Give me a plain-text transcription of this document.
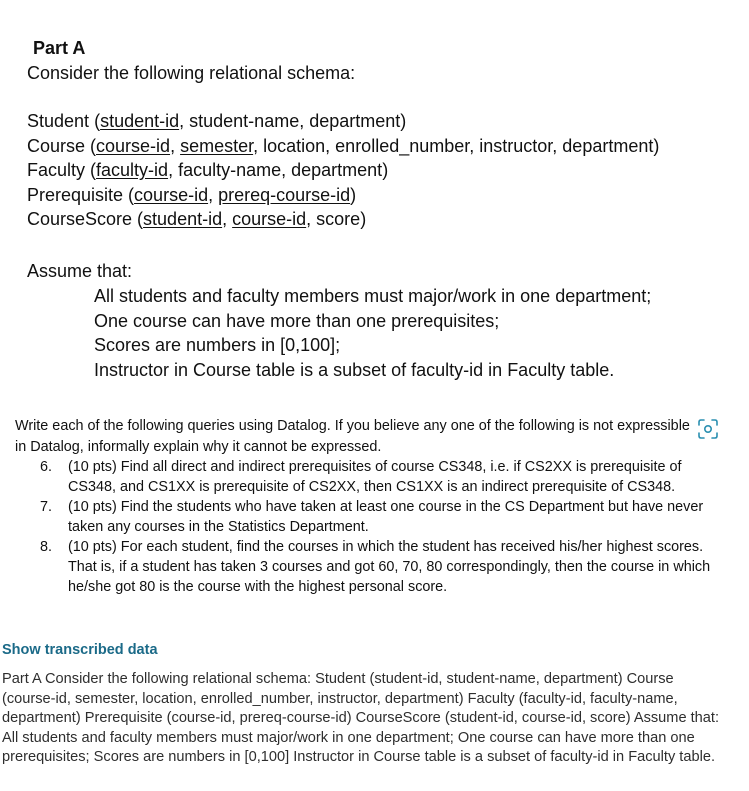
Part A

Consider the following relational schema:

Student (student-id, student-name, department)
Course (course-id, semester, location, enrolled_number, instructor, department)
Faculty (faculty-id, faculty-name, department)
Prerequisite (course-id, prereq-course-id)
CourseScore (student-id, course-id, score)

Assume that:

All students and faculty members must major/work in one department;
One course can have more than one prerequisites;
Scores are numbers in [0,100];
Instructor in Course table is a subset of faculty-id in Faculty table.

Write each of the following queries using Datalog. If you believe any one of the following is not expressible in Datalog, informally explain why it cannot be expressed.

6.	(10 pts) Find all direct and indirect prerequisites of course CS348, i.e. if CS2XX is prerequisite of CS348, and CS1XX is prerequisite of CS2XX, then CS1XX is an indirect prerequisite of CS348.
7.	(10 pts) Find the students who have taken at least one course in the CS Department but have never taken any courses in the Statistics Department.
8.	(10 pts) For each student, find the courses in which the student has received his/her highest scores. That is, if a student has taken 3 courses and got 60, 70, 80 correspondingly, then the course in which he/she got 80 is the course with the highest personal score.
Show transcribed data

Part A Consider the following relational schema: Student (student-id, student-name, department) Course (course-id, semester, location, enrolled_number, instructor, department) Faculty (faculty-id, faculty-name, department) Prerequisite (course-id, prereq-course-id) CourseScore (student-id, course-id, score) Assume that: All students and faculty members must major/work in one department; One course can have more than one prerequisites; Scores are numbers in [0,100] Instructor in Course table is a subset of faculty-id in Faculty table.
